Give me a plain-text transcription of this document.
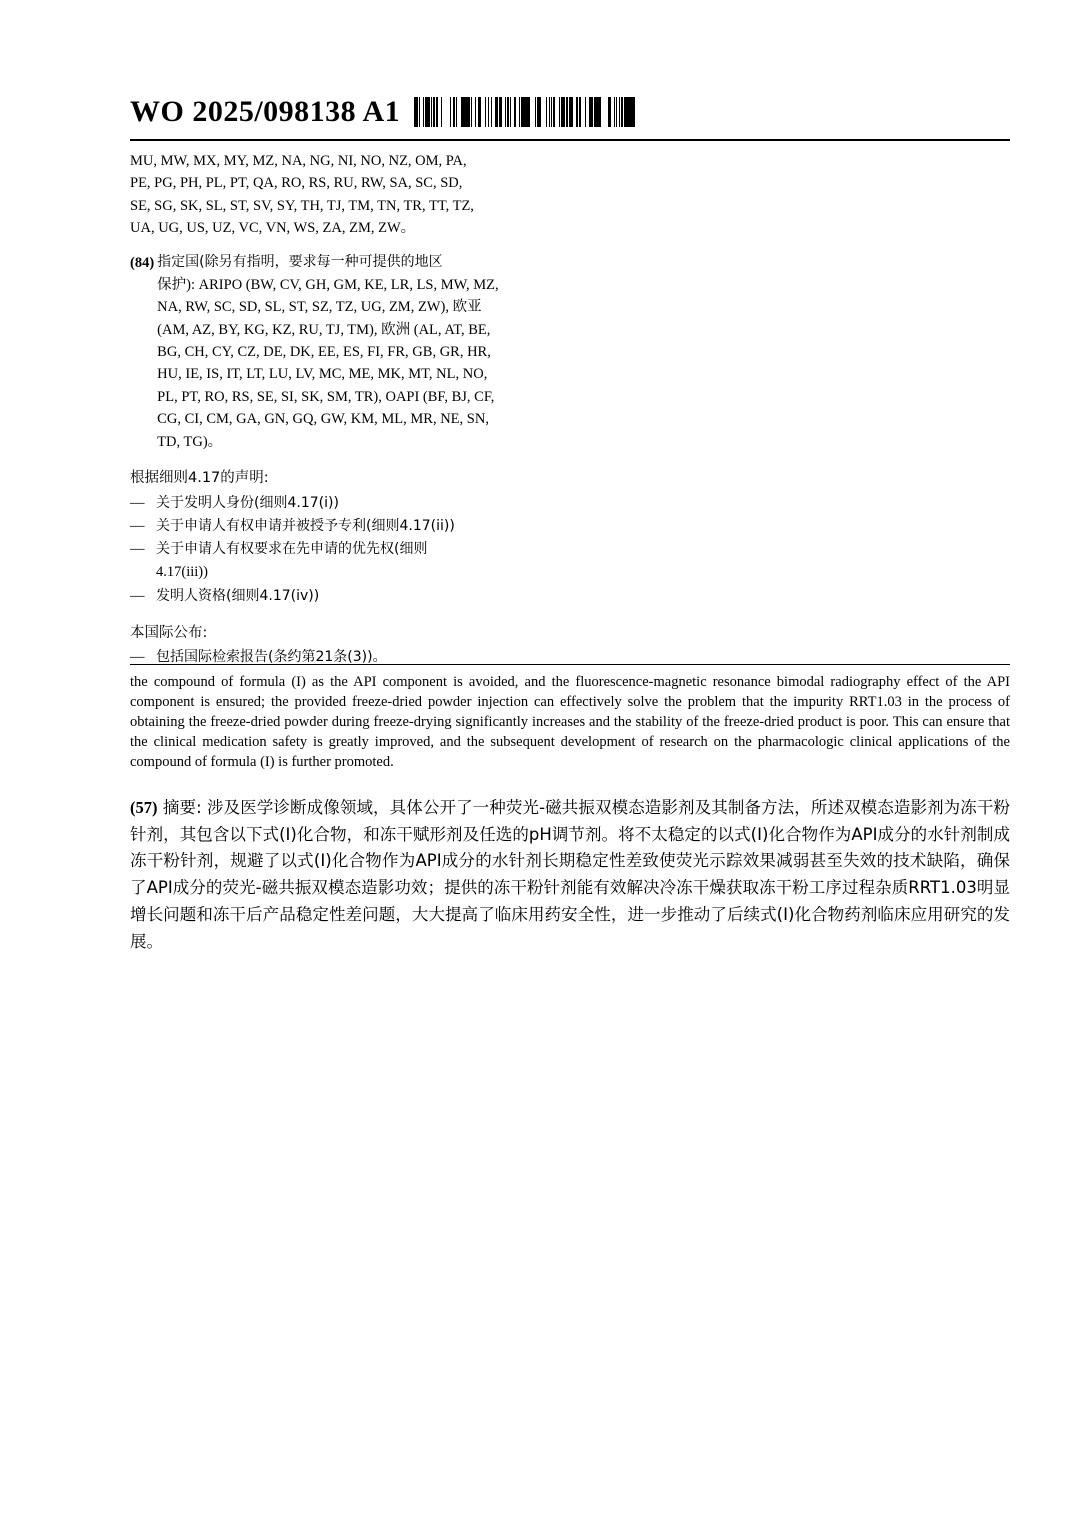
WO 2025/098138 A1
MU, MW, MX, MY, MZ, NA, NG, NI, NO, NZ, OM, PA,
PE, PG, PH, PL, PT, QA, RO, RS, RU, RW, SA, SC, SD,
SE, SG, SK, SL, ST, SV, SY, TH, TJ, TM, TN, TR, TT, TZ,
UA, UG, US, UZ, VC, VN, WS, ZA, ZM, ZW。
(84) 指定国(除另有指明，要求每一种可提供的地区
保护): ARIPO (BW, CV, GH, GM, KE, LR, LS, MW, MZ,
NA, RW, SC, SD, SL, ST, SZ, TZ, UG, ZM, ZW), 欧亚
(AM, AZ, BY, KG, KZ, RU, TJ, TM), 欧洲 (AL, AT, BE,
BG, CH, CY, CZ, DE, DK, EE, ES, FI, FR, GB, GR, HR,
HU, IE, IS, IT, LT, LU, LV, MC, ME, MK, MT, NL, NO,
PL, PT, RO, RS, SE, SI, SK, SM, TR), OAPI (BF, BJ, CF,
CG, CI, CM, GA, GN, GQ, GW, KM, ML, MR, NE, SN,
TD, TG)。
根据细则4.17的声明:
— 关于发明人身份(细则4.17(i))
— 关于申请人有权申请并被授予专利(细则4.17(ii))
— 关于申请人有权要求在先申请的优先权(细则
4.17(iii))
— 发明人资格(细则4.17(iv))
本国际公布:
— 包括国际检索报告(条约第21条(3))。
the compound of formula (I) as the API component is avoided, and the fluorescence-magnetic resonance bimodal radiography effect of the API component is ensured; the provided freeze-dried powder injection can effectively solve the problem that the impurity RRT1.03 in the process of obtaining the freeze-dried powder during freeze-drying significantly increases and the stability of the freeze-dried product is poor. This can ensure that the clinical medication safety is greatly improved, and the subsequent development of research on the pharmacologic clinical applications of the compound of formula (I) is further promoted.
(57) 摘要: 涉及医学诊断成像领域，具体公开了一种荧光-磁共振双模态造影剂及其制备方法，所述双模态造影剂为冻干粉针剂，其包含以下式(I)化合物，和冻干赋形剂及任选的pH调节剂。将不太稳定的以式(I)化合物作为API成分的水针剂制成冻干粉针剂，规避了以式(I)化合物作为API成分的水针剂长期稳定性差致使荧光示踪效果减弱甚至失效的技术缺陷，确保了API成分的荧光-磁共振双模态造影功效；提供的冻干粉针剂能有效解决冷冻干燥获取冻干粉工序过程杂质RRT1.03明显增长问题和冻干后产品稳定性差问题，大大提高了临床用药安全性，进一步推动了后续式(I)化合物药剂临床应用研究的发展。
